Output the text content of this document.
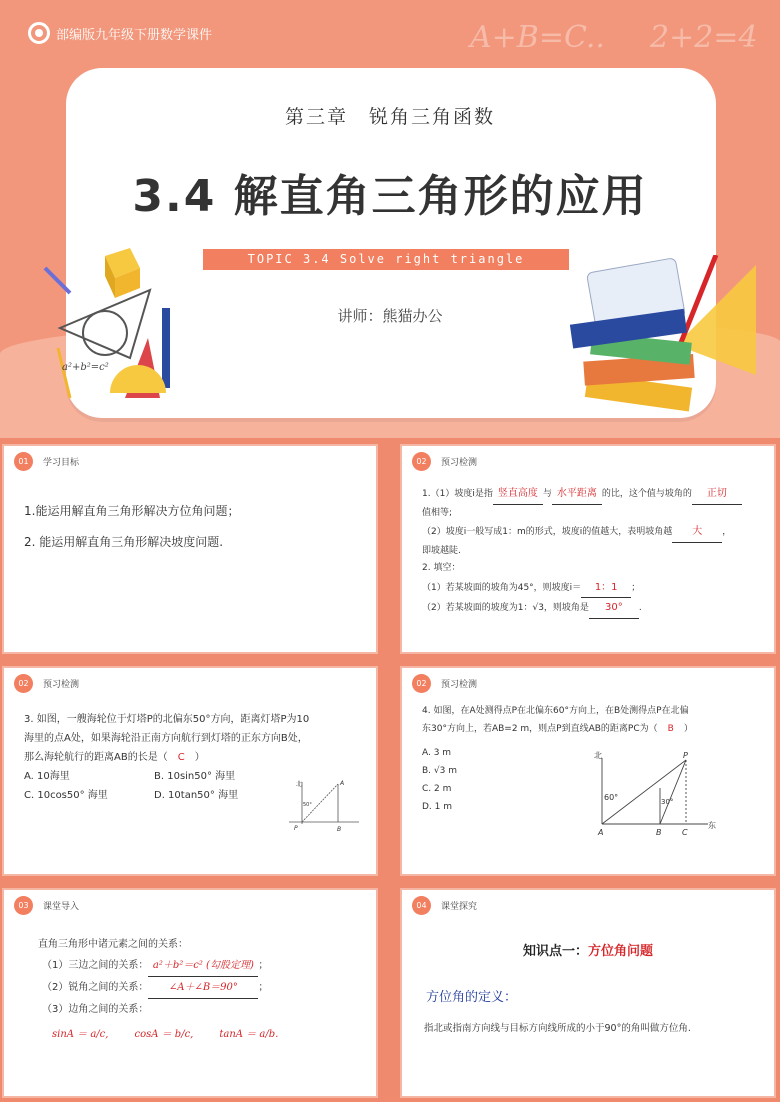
A+B=C.. 2+2=4
部编版九年级下册数学课件
第三章　锐角三角函数
3.4 解直角三角形的应用
TOPIC 3.4 Solve right triangle application
讲师：熊猫办公
a²+b²=c²
01	学习目标
1.能运用解直角三角形解决方位角问题；
2. 能运用解直角三角形解决坡度问题.
02	预习检测
1.（1）坡度i是指 竖直高度 与 水平距离 的比，这个值与坡角的 正切
值相等;
（2）坡度i一般写成1：m的形式，坡度i的值越大，表明坡角越 大 ，
即坡越陡.
2. 填空：
（1）若某坡面的坡角为45°，则坡度i＝ 1：1 ；
（2）若某坡面的坡度为1：√3，则坡角是 30° .
02	预习检测
3. 如图，一艘海轮位于灯塔P的北偏东50°方向，距离灯塔P为10
海里的点A处，如果海轮沿正南方向航行到灯塔的正东方向B处，
那么海轮航行的距离AB的长是（ C ）
A. 10海里	B. 10sin50° 海里
C. 10cos50° 海里	D. 10tan50° 海里
北
50°
P
A
B
02	预习检测
4. 如图，在A处测得点P在北偏东60°方向上，在B处测得点P在北偏
东30°方向上，若AB=2 m，则点P到直线AB的距离PC为（ B ）
A. 3 m
B. √3 m
C. 2 m
D. 1 m
北
60°	30°
P
A	B	C
东
03	课堂导入
直角三角形中诸元素之间的关系：
（1）三边之间的关系： a²＋b²＝c² (勾股定理) ；
（2）锐角之间的关系： ∠A＋∠B＝90° ；
（3）边角之间的关系：
sinA ＝ a/c,	cosA ＝ b/c,	tanA ＝ a/b.
04	课堂探究
知识点一：方位角问题
方位角的定义：
指北或指南方向线与目标方向线所成的小于90°的角叫做方位角.
